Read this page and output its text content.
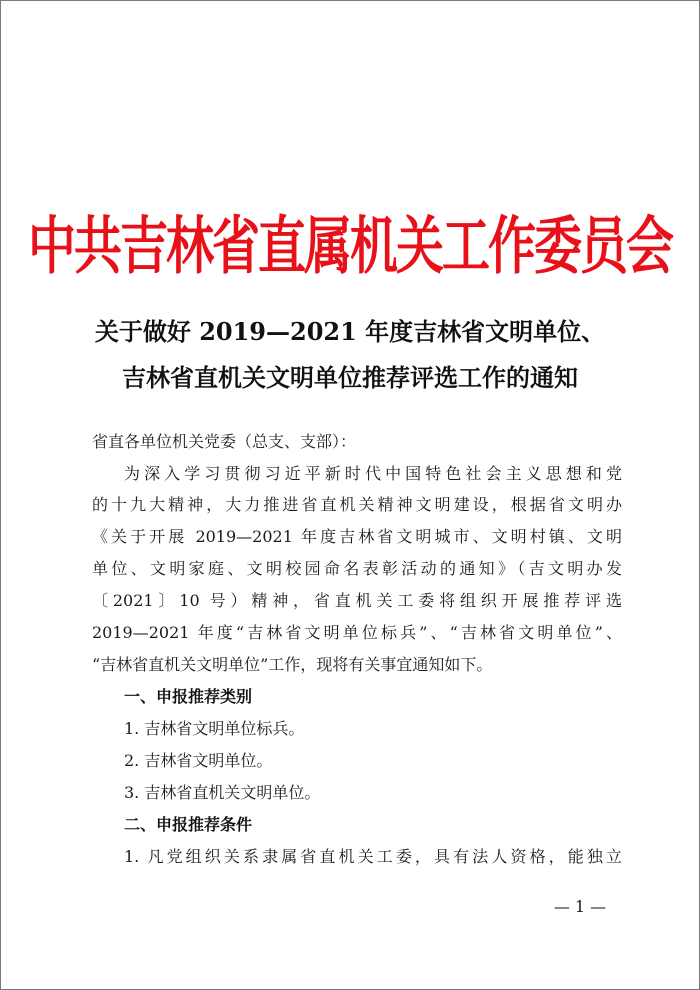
中共吉林省直属机关工作委员会
关于做好 2019—2021 年度吉林省文明单位、
吉林省直机关文明单位推荐评选工作的通知
省直各单位机关党委（总支、支部）：
为深入学习贯彻习近平新时代中国特色社会主义思想和党
的十九大精神，大力推进省直机关精神文明建设，根据省文明办
《关于开展 2019—2021 年度吉林省文明城市、文明村镇、文明
单位、文明家庭、文明校园命名表彰活动的通知》（吉文明办发
〔2021〕10 号）精神，省直机关工委将组织开展推荐评选
2019—2021 年度“吉林省文明单位标兵”、“吉林省文明单位”、
“吉林省直机关文明单位”工作，现将有关事宜通知如下。
一、申报推荐类别
1. 吉林省文明单位标兵。
2. 吉林省文明单位。
3. 吉林省直机关文明单位。
二、申报推荐条件
1. 凡党组织关系隶属省直机关工委，具有法人资格，能独立
— 1 —
